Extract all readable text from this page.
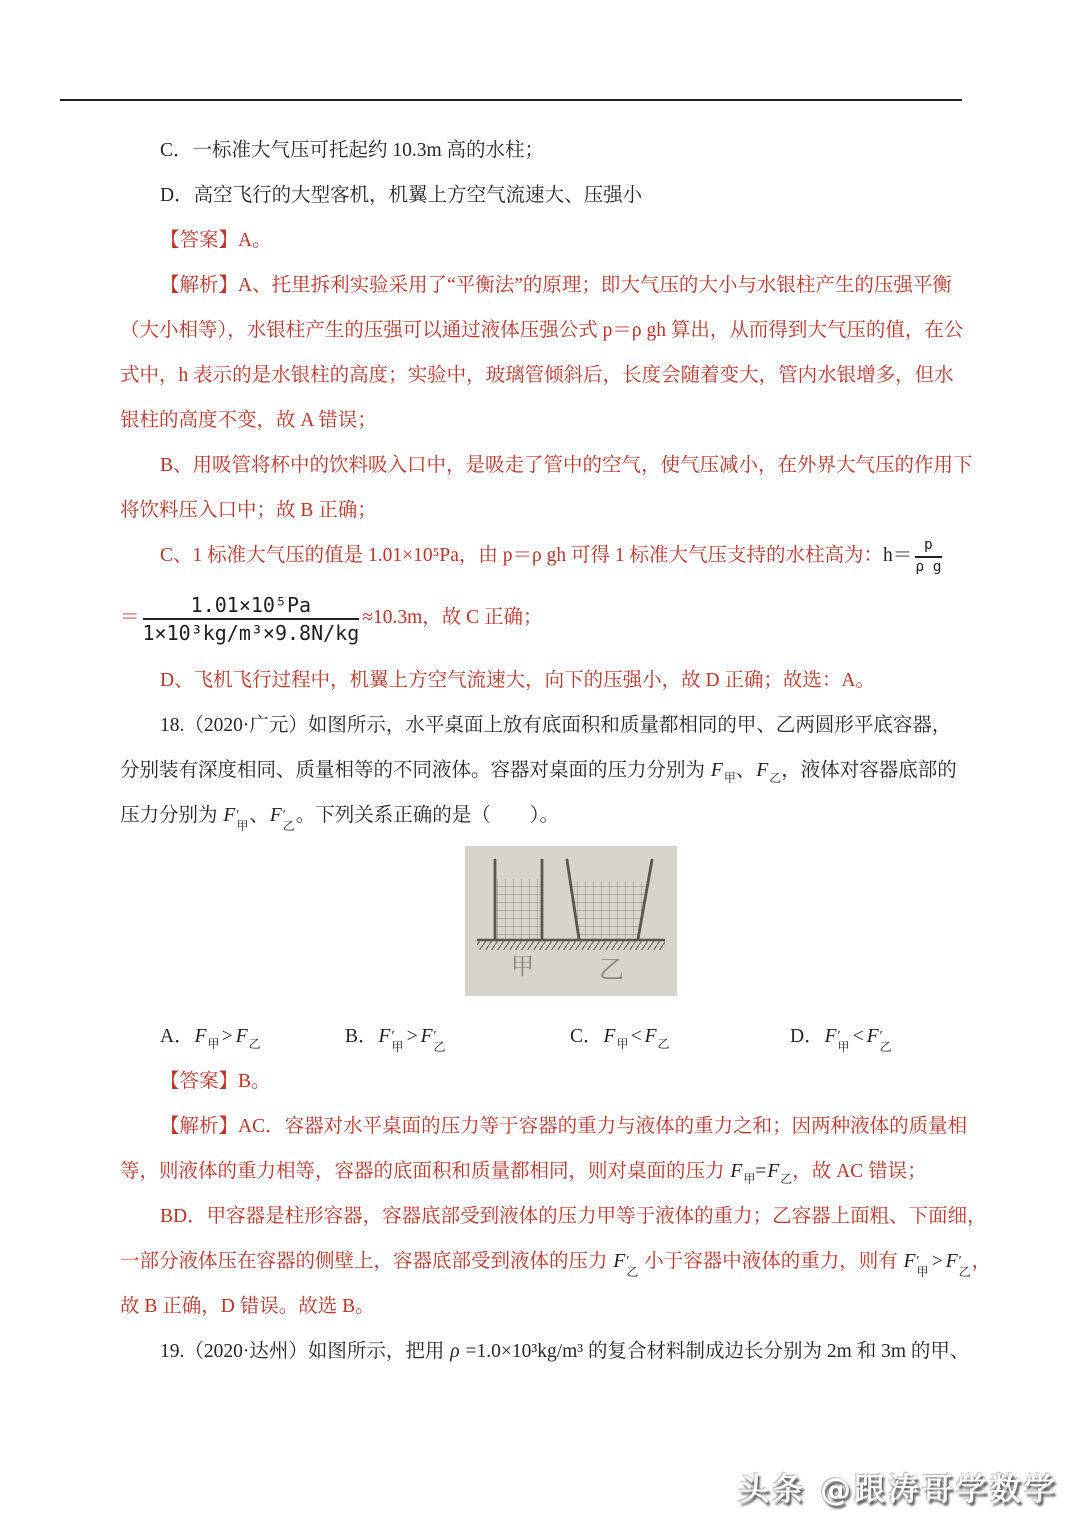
C．一标准大气压可托起约 10.3m 高的水柱；
D．高空飞行的大型客机，机翼上方空气流速大、压强小
【答案】A。
【解析】A、托里拆利实验采用了“平衡法”的原理；即大气压的大小与水银柱产生的压强平衡
（大小相等），水银柱产生的压强可以通过液体压强公式 p＝ρ gh 算出，从而得到大气压的值，在公
式中，h 表示的是水银柱的高度；实验中，玻璃管倾斜后，长度会随着变大，管内水银增多，但水
银柱的高度不变，故 A 错误；
B、用吸管将杯中的饮料吸入口中，是吸走了管中的空气，使气压减小，在外界大气压的作用下
将饮料压入口中；故 B 正确；
C、1 标准大气压的值是 1.01×10⁵Pa，由 p＝ρ gh 可得 1 标准大气压支持的水柱高为：$h= \frac{p}{\text{ρ g}}$
＝ $\frac{\text{1.01×10⁵Pa}}{\text{1×10³kg/m³×9.8N/kg}} \approx 10.3m$，故 C 正确；
D、飞机飞行过程中，机翼上方空气流速大，向下的压强小，故 D 正确；故选：A。
18.（2020·广元）如图所示，水平桌面上放有底面积和质量都相同的甲、乙两圆形平底容器，
分别装有深度相同、质量相等的不同液体。容器对桌面的压力分别为 $F_甲$、$F_乙$，液体对容器底部的
压力分别为 F ′
甲 、F ′
乙 。下列关系正确的是（　　）。
甲	乙
A．$F_甲> F_乙$	B．F ′
甲 > F ′
乙	C．$F_甲< F_乙$	D．F ′
甲 < F ′
乙
【答案】B。
【解析】AC．容器对水平桌面的压力等于容器的重力与液体的重力之和；因两种液体的质量相
等，则液体的重力相等，容器的底面积和质量都相同，则对桌面的压力 $F_甲=F_乙$，故 AC 错误；
BD．甲容器是柱形容器，容器底部受到液体的压力甲等于液体的重力；乙容器上面粗、下面细，
一部分液体压在容器的侧壁上，容器底部受到液体的压力 F ′
乙 小于容器中液体的重力，则有 F ′
甲 > F ′
乙 ，
故 B 正确，D 错误。故选 B。
19.（2020·达州）如图所示，把用 ρ =1.0×10³kg/m³ 的复合材料制成边长分别为 2m 和 3m 的甲、
头条 @跟涛哥学数学
